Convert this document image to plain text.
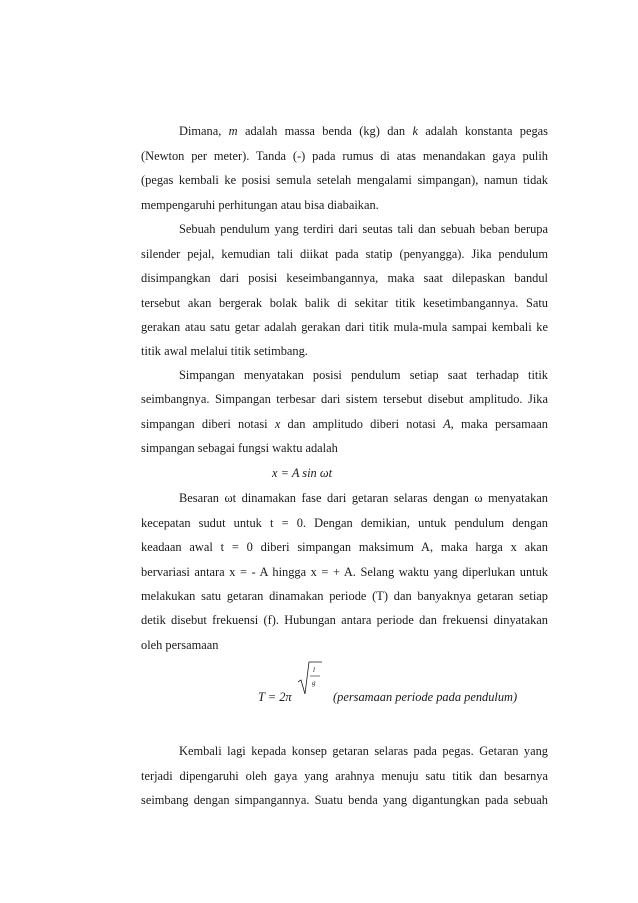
Dimana, m adalah massa benda (kg) dan k adalah konstanta pegas
(Newton per meter). Tanda (-) pada rumus di atas menandakan gaya pulih
(pegas kembali ke posisi semula setelah mengalami simpangan), namun tidak
mempengaruhi perhitungan atau bisa diabaikan.
Sebuah pendulum yang terdiri dari seutas tali dan sebuah beban berupa
silender pejal, kemudian tali diikat pada statip (penyangga). Jika pendulum
disimpangkan dari posisi keseimbangannya, maka saat dilepaskan bandul
tersebut akan bergerak bolak balik di sekitar titik kesetimbangannya. Satu
gerakan atau satu getar adalah gerakan dari titik mula-mula sampai kembali ke
titik awal melalui titik setimbang.
Simpangan menyatakan posisi pendulum setiap saat terhadap titik
seimbangnya. Simpangan terbesar dari sistem tersebut disebut amplitudo. Jika
simpangan diberi notasi x dan amplitudo diberi notasi A, maka persamaan
simpangan sebagai fungsi waktu adalah
x = A sin ωt
Besaran ωt dinamakan fase dari getaran selaras dengan ω menyatakan
kecepatan sudut untuk t = 0. Dengan demikian, untuk pendulum dengan
keadaan awal t = 0 diberi simpangan maksimum A, maka harga x akan
bervariasi antara x = - A hingga x = + A. Selang waktu yang diperlukan untuk
melakukan satu getaran dinamakan periode (T) dan banyaknya getaran setiap
detik disebut frekuensi (f). Hubungan antara periode dan frekuensi dinyatakan
oleh persamaan
T = 2π
l
g
(persamaan periode pada pendulum)
Kembali lagi kepada konsep getaran selaras pada pegas. Getaran yang
terjadi dipengaruhi oleh gaya yang arahnya menuju satu titik dan besarnya
seimbang dengan simpangannya. Suatu benda yang digantungkan pada sebuah
